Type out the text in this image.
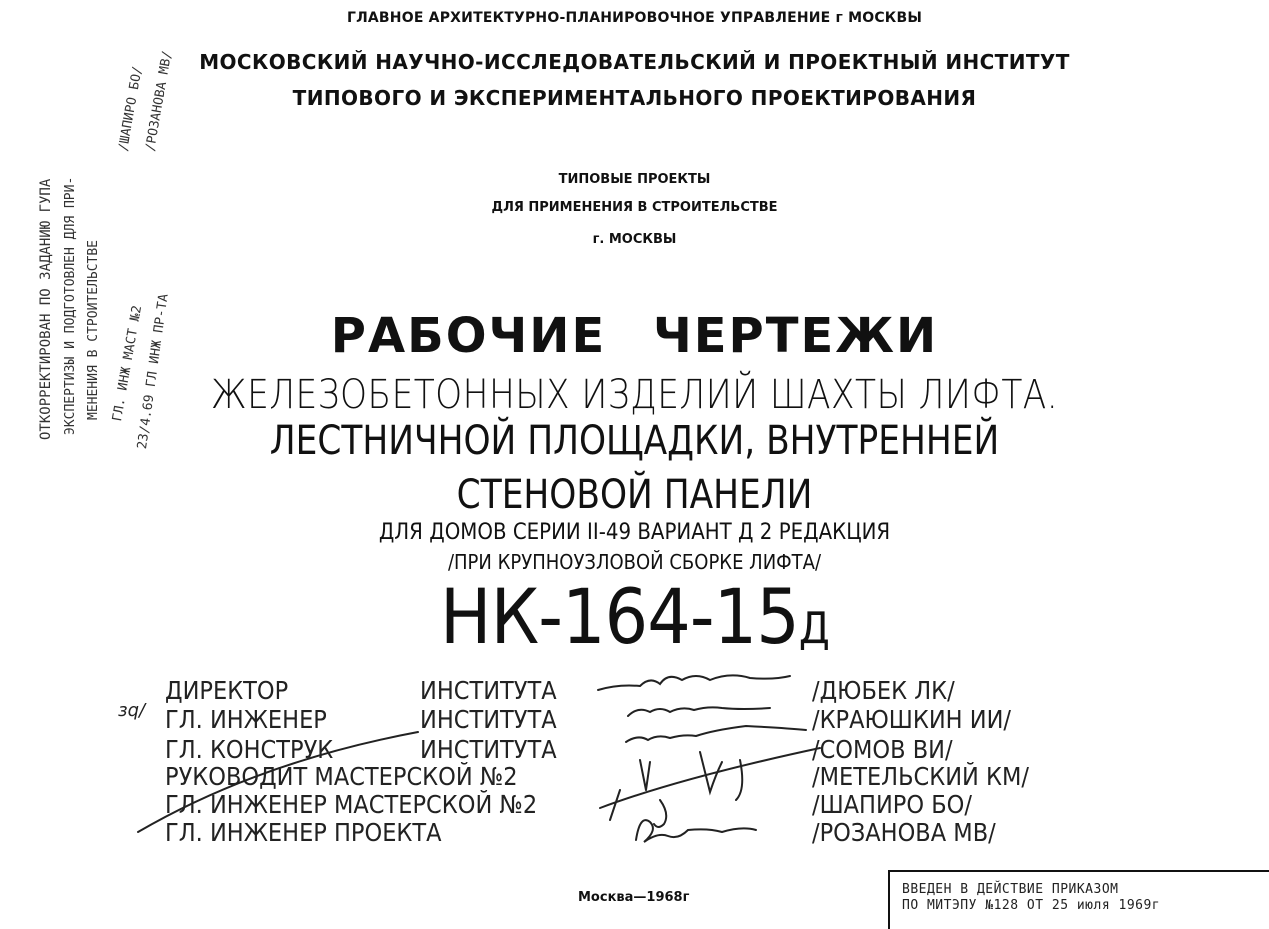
ОТКОРРЕКТИРОВАН ПО ЗАДАНИЮ ГУПА ЭКСПЕРТИЗЫ И ПОДГОТОВЛЕН ДЛЯ ПРИ- МЕНЕНИЯ В СТРОИТЕЛЬСТВЕ ГЛ. ИНЖ МАСТ №2
23/4.69 ГЛ ИНЖ ПР-ТА
/ШАПИРО БО/
/РОЗАНОВА МВ/
ГЛАВНОЕ АРХИТЕКТУРНО-ПЛАНИРОВОЧНОЕ УПРАВЛЕНИЕ г МОСКВЫ
МОСКОВСКИЙ НАУЧНО-ИССЛЕДОВАТЕЛЬСКИЙ И ПРОЕКТНЫЙ ИНСТИТУТ
ТИПОВОГО И ЭКСПЕРИМЕНТАЛЬНОГО ПРОЕКТИРОВАНИЯ
ТИПОВЫЕ ПРОЕКТЫ
ДЛЯ ПРИМЕНЕНИЯ В СТРОИТЕЛЬСТВЕ
г. МОСКВЫ
РАБОЧИЕ ЧЕРТЕЖИ
ЖЕЛЕЗОБЕТОННЫХ ИЗДЕЛИЙ ШАХТЫ ЛИФТА.
ЛЕСТНИЧНОЙ ПЛОЩАДКИ, ВНУТРЕННЕЙ
СТЕНОВОЙ ПАНЕЛИ
ДЛЯ ДОМОВ СЕРИИ II-49 ВАРИАНТ Д 2 РЕДАКЦИЯ
/ПРИ КРУПНОУЗЛОВОЙ СБОРКЕ ЛИФТА/
НК-164-15Д
зq/
ДИРЕКТОР	ИНСТИТУТА	/ДЮБЕК ЛК/
ГЛ. ИНЖЕНЕР	ИНСТИТУТА	/КРАЮШКИН ИИ/
ГЛ. КОНСТРУК	ИНСТИТУТА	/СОМОВ ВИ/
РУКОВОДИТ МАСТЕРСКОЙ №2	/МЕТЕЛЬСКИЙ КМ/
ГЛ. ИНЖЕНЕР МАСТЕРСКОЙ №2	/ШАПИРО БО/
ГЛ. ИНЖЕНЕР ПРОЕКТА	/РОЗАНОВА МВ/
Москва—1968г
ВВЕДЕН В ДЕЙСТВИЕ ПРИКАЗОМ
ПО МИТЭПУ №128 ОТ 25 июля 1969г
